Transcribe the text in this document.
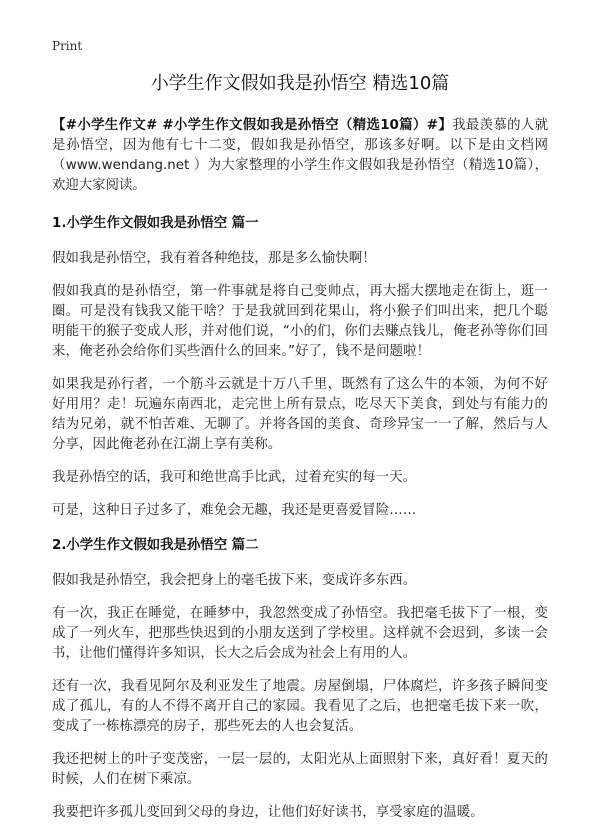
Print
小学生作文假如我是孙悟空 精选10篇

【#小学生作文# #小学生作文假如我是孙悟空（精选10篇）#】我最羡慕的人就是孙悟空，因为他有七十二变，假如我是孙悟空，那该多好啊。以下是由文档网（www.wendang.net ）为大家整理的小学生作文假如我是孙悟空（精选10篇），欢迎大家阅读。

1.小学生作文假如我是孙悟空 篇一

假如我是孙悟空，我有着各种绝技，那是多么愉快啊！

假如我真的是孙悟空，第一件事就是将自己变帅点，再大摇大摆地走在街上，逛一圈。可是没有钱我又能干啥？于是我就回到花果山，将小猴子们叫出来，把几个聪明能干的猴子变成人形，并对他们说，“小的们，你们去赚点钱儿，俺老孙等你们回来，俺老孙会给你们买些酒什么的回来。”好了，钱不是问题啦！

如果我是孙行者，一个筋斗云就是十万八千里，既然有了这么牛的本领，为何不好好用用？走！玩遍东南西北，走完世上所有景点，吃尽天下美食，到处与有能力的结为兄弟，就不怕苦难、无聊了。并将各国的美食、奇珍异宝一一了解，然后与人分享，因此俺老孙在江湖上享有美称。

我是孙悟空的话，我可和绝世高手比武，过着充实的每一天。

可是，这种日子过多了，难免会无趣，我还是更喜爱冒险……

2.小学生作文假如我是孙悟空 篇二

假如我是孙悟空，我会把身上的毫毛拔下来，变成许多东西。

有一次，我正在睡觉，在睡梦中，我忽然变成了孙悟空。我把毫毛拔下了一根，变成了一列火车，把那些快迟到的小朋友送到了学校里。这样就不会迟到，多读一会书，让他们懂得许多知识，长大之后会成为社会上有用的人。

还有一次，我看见阿尔及利亚发生了地震。房屋倒塌，尸体腐烂，许多孩子瞬间变成了孤儿，有的人不得不离开自己的家园。我看见了之后，也把毫毛拔下来一吹，变成了一栋栋漂亮的房子，那些死去的人也会复活。

我还把树上的叶子变茂密，一层一层的，太阳光从上面照射下来，真好看！夏天的时候，人们在树下乘凉。

我要把许多孤儿变回到父母的身边，让他们好好读书，享受家庭的温暖。
